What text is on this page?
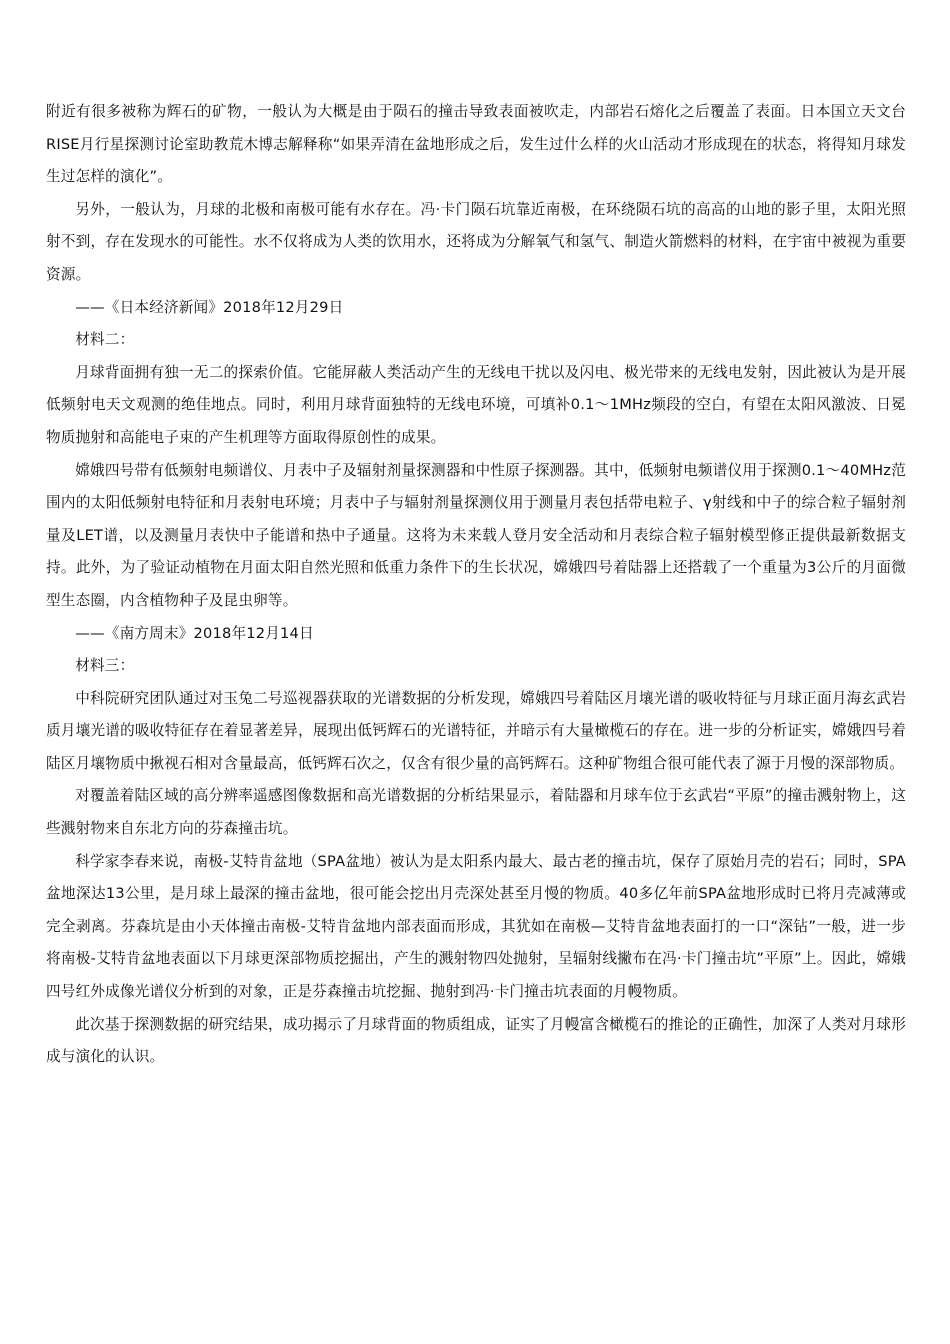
附近有很多被称为辉石的矿物，一般认为大概是由于陨石的撞击导致表面被吹走，内部岩石熔化之后覆盖了表面。日本国立天文台RISE月行星探测讨论室助教荒木博志解释称“如果弄清在盆地形成之后，发生过什么样的火山活动才形成现在的状态，将得知月球发生过怎样的演化”。

另外，一般认为，月球的北极和南极可能有水存在。冯·卡门陨石坑靠近南极，在环绕陨石坑的高高的山地的影子里，太阳光照射不到，存在发现水的可能性。水不仅将成为人类的饮用水，还将成为分解氧气和氢气、制造火箭燃料的材料，在宇宙中被视为重要资源。

——《日本经济新闻》2018年12月29日

材料二：

月球背面拥有独一无二的探索价值。它能屏蔽人类活动产生的无线电干扰以及闪电、极光带来的无线电发射，因此被认为是开展低频射电天文观测的绝佳地点。同时，利用月球背面独特的无线电环境，可填补0.1～1MHz频段的空白，有望在太阳风激波、日冕物质抛射和高能电子束的产生机理等方面取得原创性的成果。

嫦娥四号带有低频射电频谱仪、月表中子及辐射剂量探测器和中性原子探测器。其中，低频射电频谱仪用于探测0.1～40MHz范围内的太阳低频射电特征和月表射电环境；月表中子与辐射剂量探测仪用于测量月表包括带电粒子、γ射线和中子的综合粒子辐射剂量及LET谱，以及测量月表快中子能谱和热中子通量。这将为未来载人登月安全活动和月表综合粒子辐射模型修正提供最新数据支持。此外，为了验证动植物在月面太阳自然光照和低重力条件下的生长状况，嫦娥四号着陆器上还搭载了一个重量为3公斤的月面微型生态圈，内含植物种子及昆虫卵等。

——《南方周末》2018年12月14日

材料三：

中科院研究团队通过对玉兔二号巡视器获取的光谱数据的分析发现，嫦娥四号着陆区月壤光谱的吸收特征与月球正面月海玄武岩质月壤光谱的吸收特征存在着显著差异，展现出低钙辉石的光谱特征，并暗示有大量橄榄石的存在。进一步的分析证实，嫦娥四号着陆区月壤物质中揪视石相对含量最高，低钙辉石次之，仅含有很少量的高钙辉石。这种矿物组合很可能代表了源于月慢的深部物质。

对覆盖着陆区域的高分辨率遥感图像数据和高光谱数据的分析结果显示，着陆器和月球车位于玄武岩“平原”的撞击溅射物上，这些溅射物来自东北方向的芬森撞击坑。

科学家李春来说，南极-艾特肯盆地（SPA盆地）被认为是太阳系内最大、最古老的撞击坑，保存了原始月壳的岩石；同时，SPA盆地深达13公里，是月球上最深的撞击盆地，很可能会挖出月壳深处甚至月慢的物质。40多亿年前SPA盆地形成时已将月壳减薄或完全剥离。芬森坑是由小天体撞击南极-艾特肯盆地内部表面而形成，其犹如在南极—艾特肯盆地表面打的一口“深钻”一般，进一步将南极-艾特肯盆地表面以下月球更深部物质挖掘出，产生的溅射物四处抛射，呈辐射线撇布在冯·卡门撞击坑”平原”上。因此，嫦娥四号红外成像光谱仪分析到的对象，正是芬森撞击坑挖掘、抛射到冯·卡门撞击坑表面的月幔物质。

此次基于探测数据的研究结果，成功揭示了月球背面的物质组成，证实了月幔富含橄榄石的推论的正确性，加深了人类对月球形成与演化的认识。
